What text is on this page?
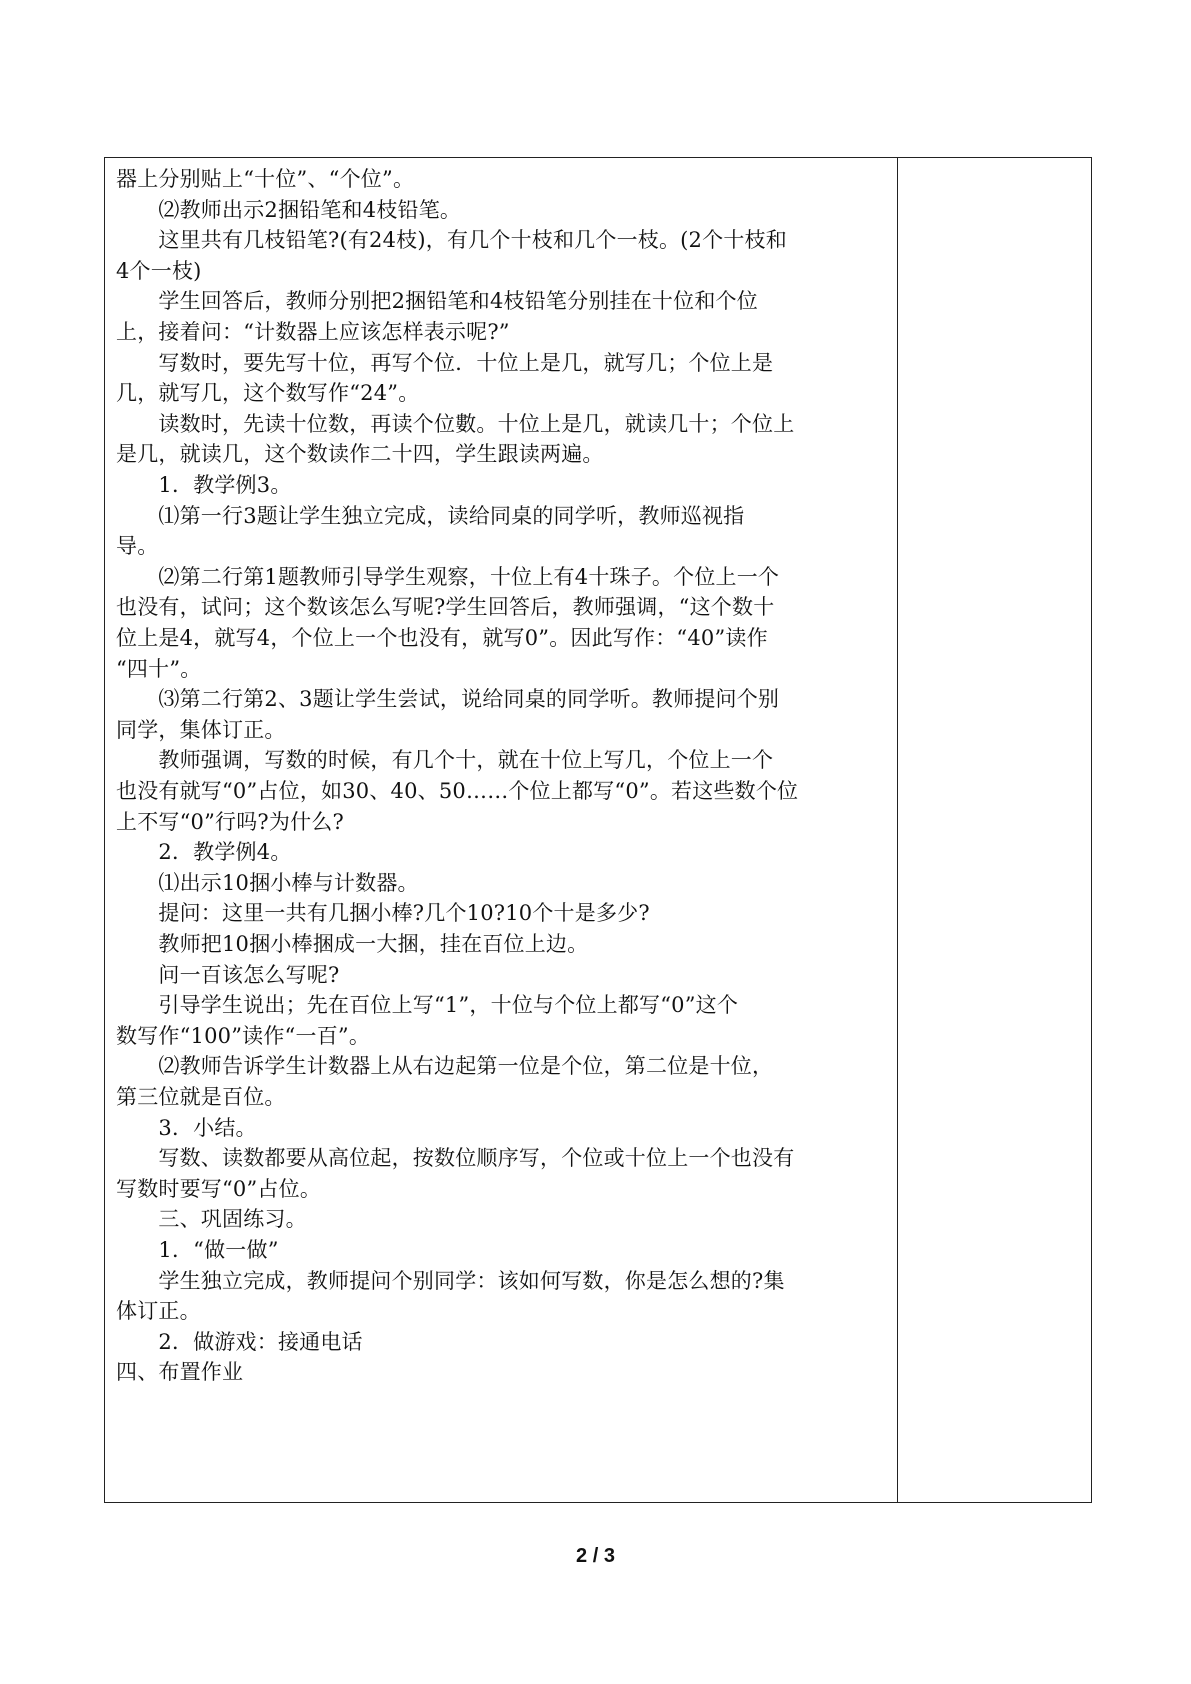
器上分别贴上“十位”、“个位”。
　　⑵教师出示2捆铅笔和4枝铅笔。
　　这里共有几枝铅笔?(有24枝)，有几个十枝和几个一枝。(2个十枝和
4个一枝)
　　学生回答后，教师分别把2捆铅笔和4枝铅笔分别挂在十位和个位
上，接着问：“计数器上应该怎样表示呢?”
　　写数时，要先写十位，再写个位．十位上是几，就写几；个位上是
几，就写几，这个数写作“24”。
　　读数时，先读十位数，再读个位數。十位上是几，就读几十；个位上
是几，就读几，这个数读作二十四，学生跟读两遍。
　　1．教学例3。
　　⑴第一行3题让学生独立完成，读给同桌的同学听，教师巡视指
导。
　　⑵第二行第1题教师引导学生观察，十位上有4十珠子。个位上一个
也没有，试问；这个数该怎么写呢?学生回答后，教师强调，“这个数十
位上是4，就写4，个位上一个也没有，就写0”。因此写作：“40”读作
“四十”。
　　⑶第二行第2、3题让学生尝试，说给同桌的同学听。教师提问个别
同学，集体订正。
　　教师强调，写数的时候，有几个十，就在十位上写几，个位上一个
也没有就写“0”占位，如30、40、50……个位上都写“0”。若这些数个位
上不写“0”行吗?为什么?
　　2．教学例4。
　　⑴出示10捆小棒与计数器。
　　提问：这里一共有几捆小棒?几个10?10个十是多少?
　　教师把10捆小棒捆成一大捆，挂在百位上边。
　　问一百该怎么写呢?
　　引导学生说出；先在百位上写“1”，十位与个位上都写“0”这个
数写作“100”读作“一百”。
　　⑵教师告诉学生计数器上从右边起第一位是个位，第二位是十位，
第三位就是百位。
　　3．小结。
　　写数、读数都要从高位起，按数位顺序写，个位或十位上一个也没有
写数时要写“0”占位。
　　三、巩固练习。
　　1．“做一做”
　　学生独立完成，教师提问个别同学：该如何写数，你是怎么想的?集
体订正。
　　2．做游戏：接通电话
四、布置作业
2 / 3
